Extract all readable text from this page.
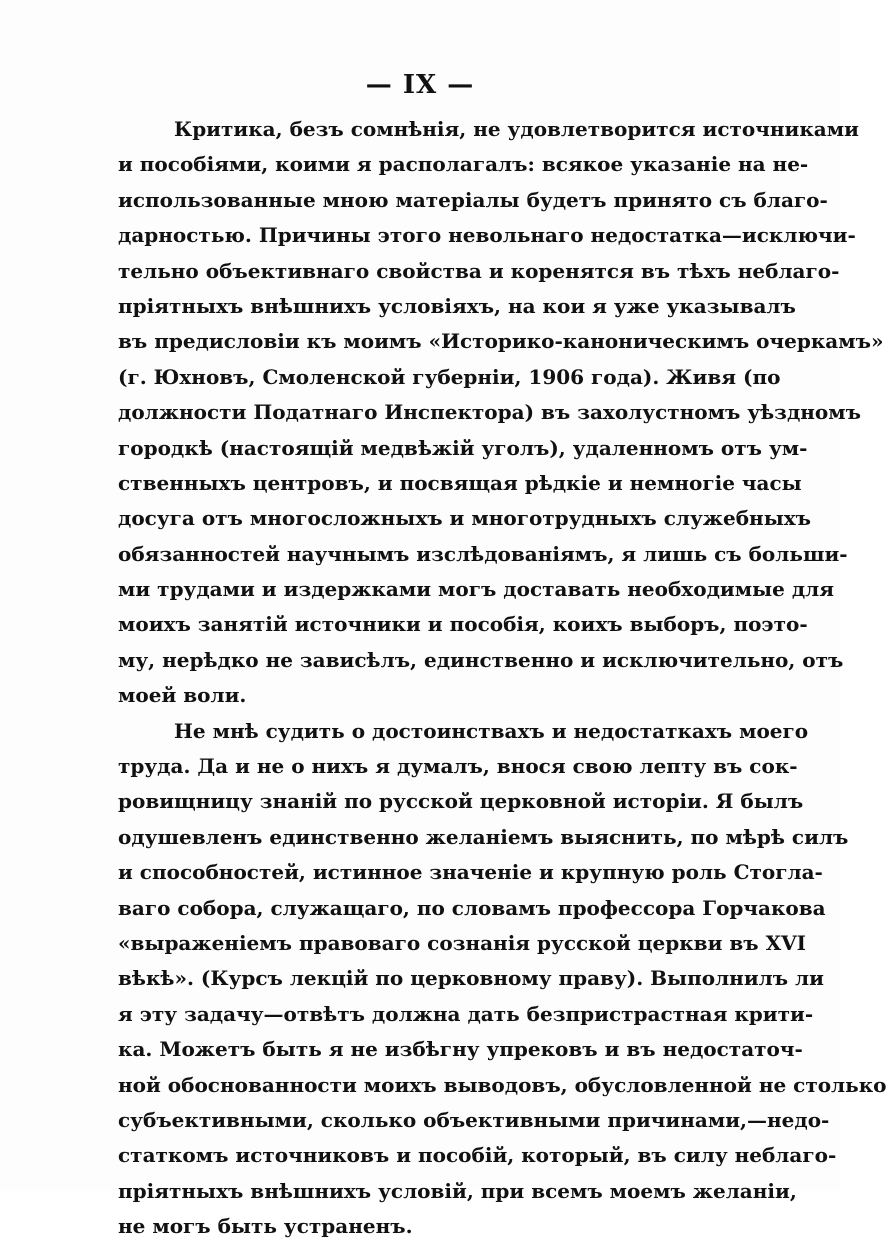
— IX —
Критика, безъ сомнѣнія, не удовлетворится источниками
и пособіями, коими я располагалъ: всякое указаніе на не-
использованные мною матеріалы будетъ принято съ благо-
дарностью. Причины этого невольнаго недостатка—исключи-
тельно объективнаго свойства и коренятся въ тѣхъ неблаго-
пріятныхъ внѣшнихъ условіяхъ, на кои я уже указывалъ
въ предисловіи къ моимъ «Историко-каноническимъ очеркамъ»
(г. Юхновъ, Смоленской губерніи, 1906 года). Живя (по
должности Податнаго Инспектора) въ захолустномъ уѣздномъ
городкѣ (настоящій медвѣжій уголъ), удаленномъ отъ ум-
ственныхъ центровъ, и посвящая рѣдкіе и немногіе часы
досуга отъ многосложныхъ и многотрудныхъ служебныхъ
обязанностей научнымъ изслѣдованіямъ, я лишь съ больши-
ми трудами и издержками могъ доставать необходимые для
моихъ занятій источники и пособія, коихъ выборъ, поэто-
му, нерѣдко не зависѣлъ, единственно и исключительно, отъ
моей воли.
Не мнѣ судить о достоинствахъ и недостаткахъ моего
труда. Да и не о нихъ я думалъ, внося свою лепту въ сок-
ровищницу знаній по русской церковной исторіи. Я былъ
одушевленъ единственно желаніемъ выяснить, по мѣрѣ силъ
и способностей, истинное значеніе и крупную роль Стогла-
ваго собора, служащаго, по словамъ профессора Горчакова
«выраженіемъ правоваго сознанія русской церкви въ XVI
вѣкѣ». (Курсъ лекцій по церковному праву). Выполнилъ ли
я эту задачу—отвѣтъ должна дать безпристрастная крити-
ка. Можетъ быть я не избѣгну упрековъ и въ недостаточ-
ной обоснованности моихъ выводовъ, обусловленной не столько
субъективными, сколько объективными причинами,—недо-
статкомъ источниковъ и пособій, который, въ силу неблаго-
пріятныхъ внѣшнихъ условій, при всемъ моемъ желаніи,
не могъ быть устраненъ.
